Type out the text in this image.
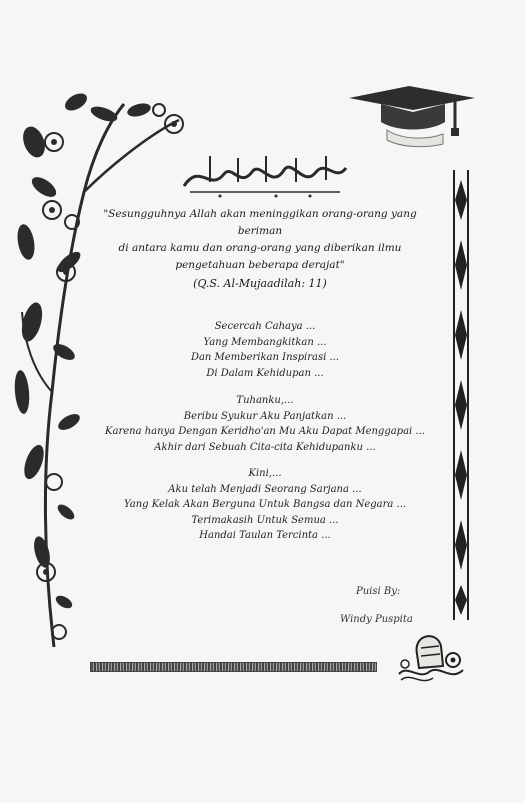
"Sesungguhnya Allah akan meninggikan orang-orang yang beriman
di antara kamu dan orang-orang yang diberikan ilmu
pengetahuan beberapa derajat"
(Q.S. Al-Mujaadilah: 11)
Secercah Cahaya ...
Yang Membangkitkan ...
Dan Memberikan Inspirasi ...
Di Dalam Kehidupan ...
Tuhanku,...
Beribu Syukur Aku Panjatkan ...
Karena hanya Dengan Keridho'an Mu Aku Dapat Menggapai ...
Akhir dari Sebuah Cita-cita Kehidupanku ...
Kini,...
Aku telah Menjadi Seorang Sarjana ...
Yang Kelak Akan Berguna Untuk Bangsa dan Negara ...
Terimakasih Untuk Semua ...
Handai Taulan Tercinta ...
Puisi By:
Windy Puspita
